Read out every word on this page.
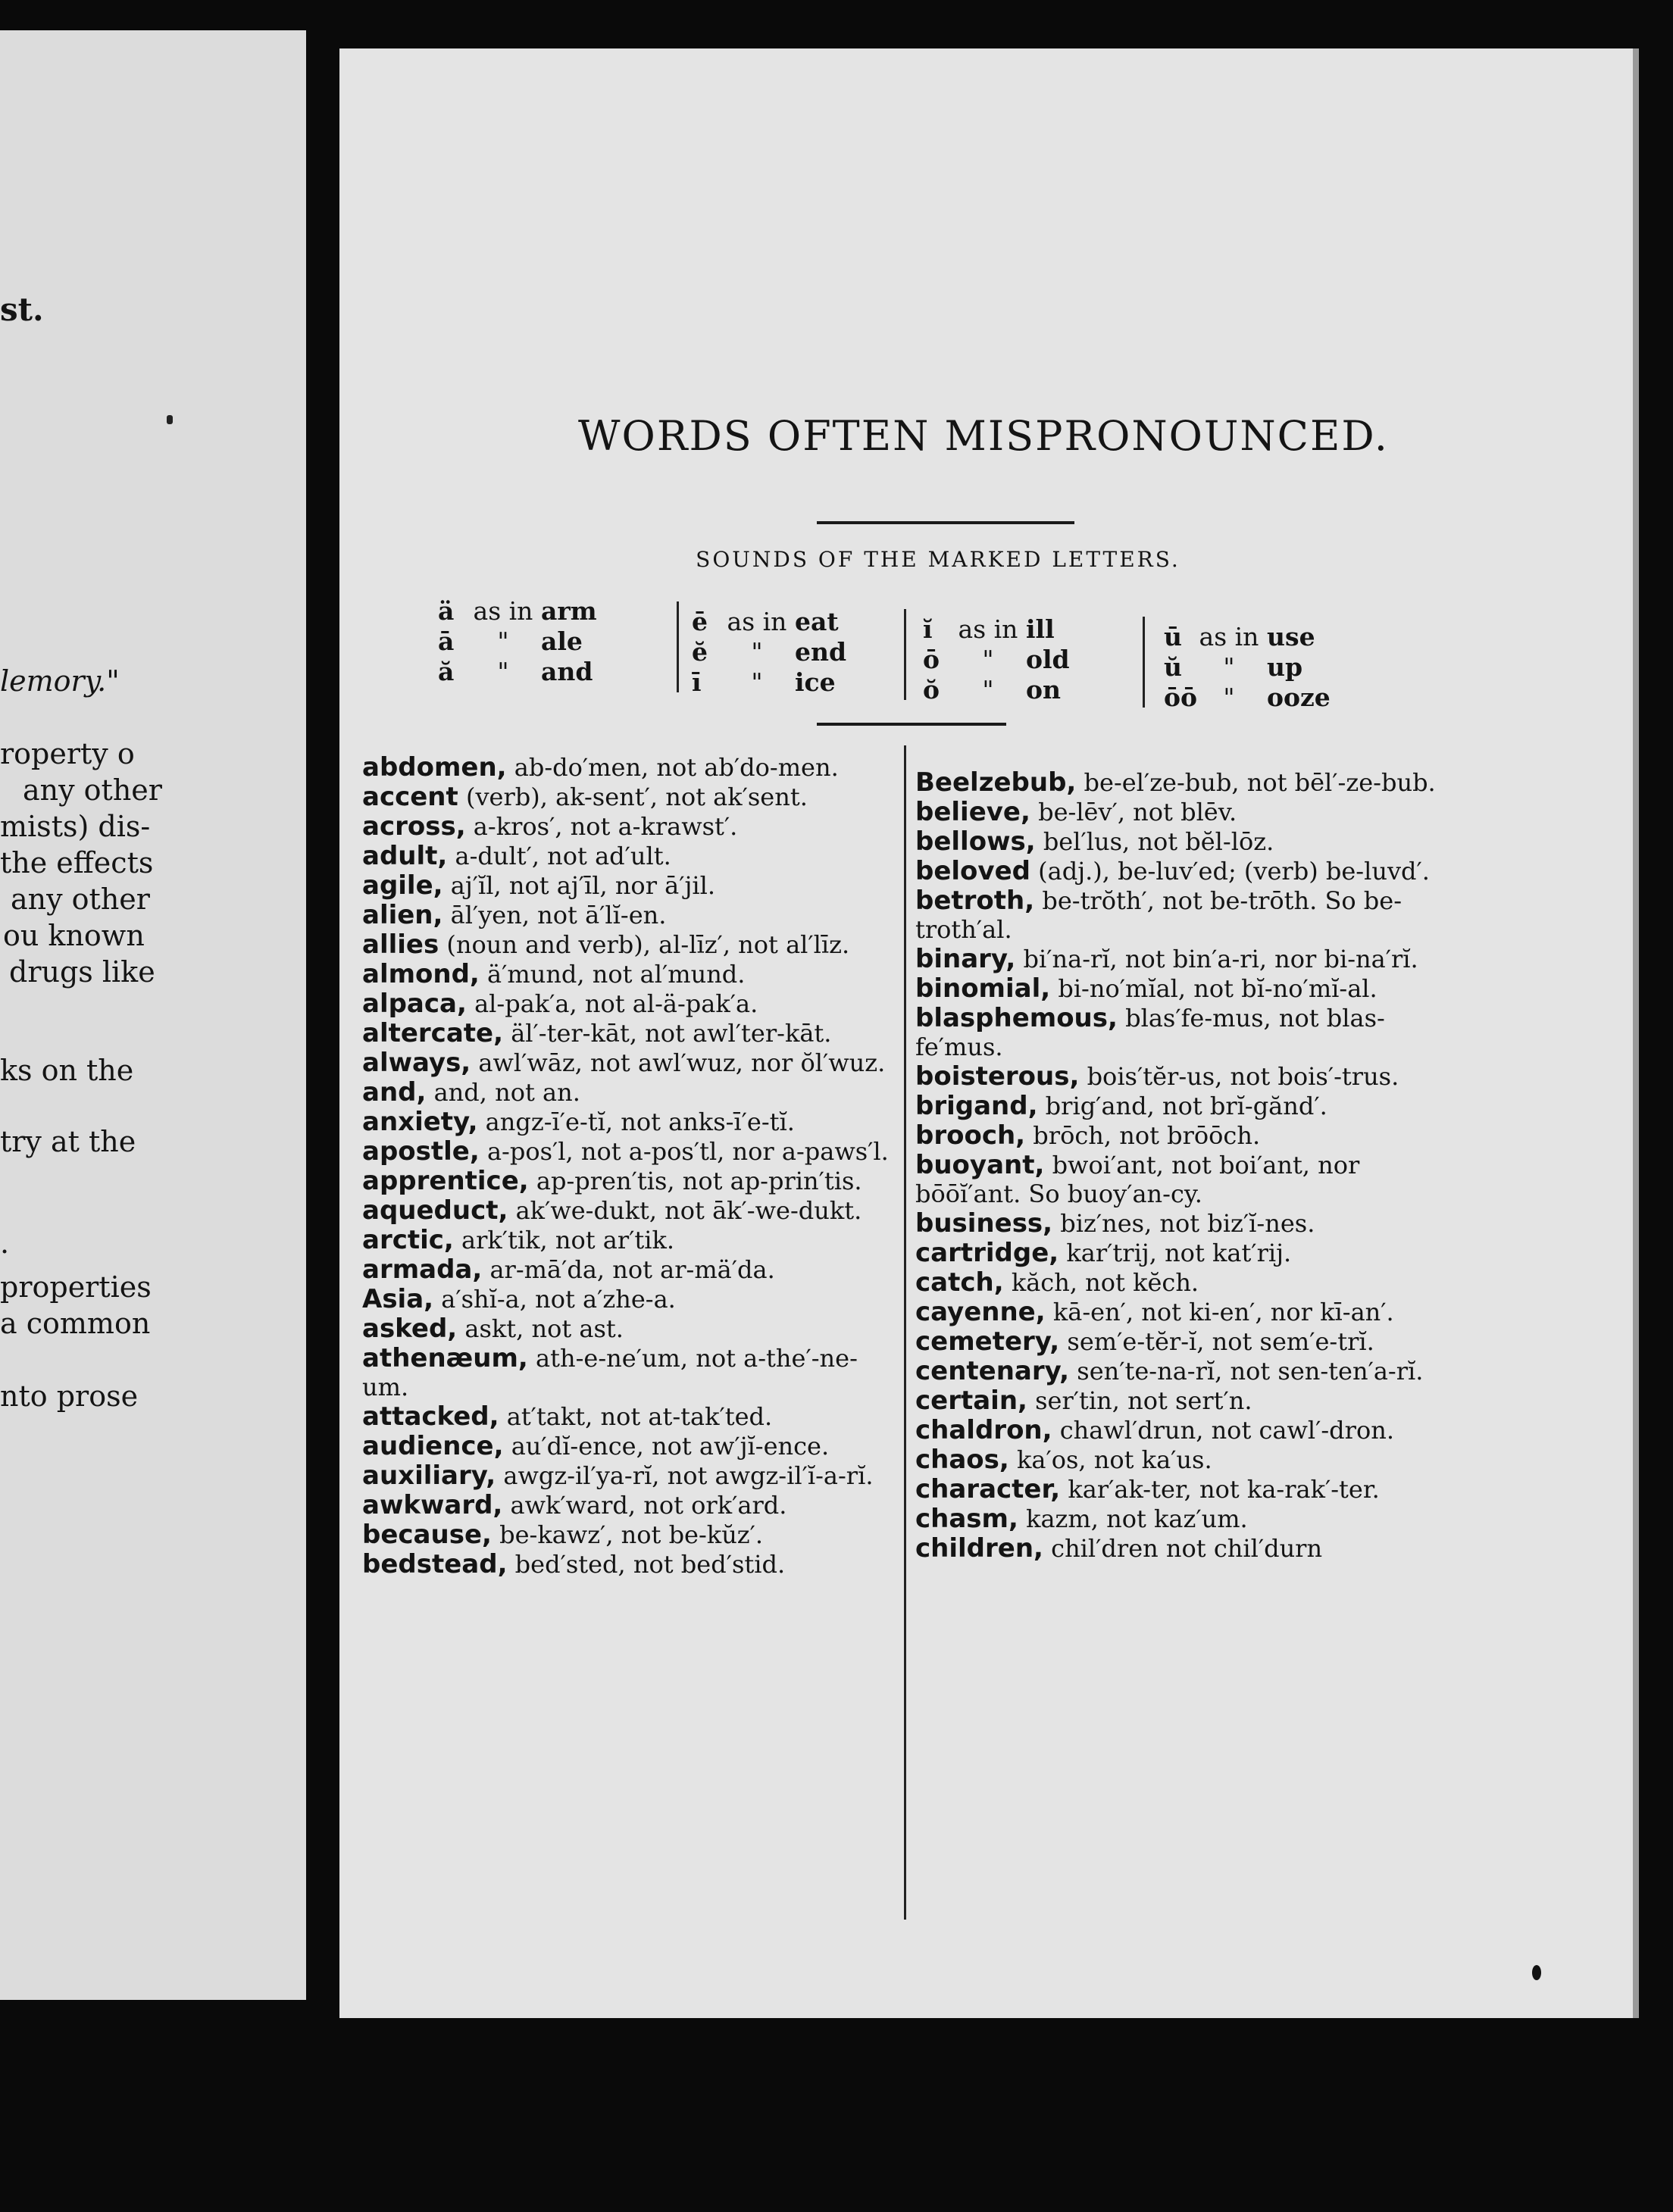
st.
lemory."
roperty o
any other
mists) dis-
the effects
any other
ou known
drugs like
ks on the
try at the
.
properties
a common
nto prose
WORDS OFTEN MISPRONOUNCED.
SOUNDS OF THE MARKED LETTERS.
ä as in arm
ā	"	ale
ă	"	and
ē as in eat
ĕ	"	end
ī	"	ice
ĭ	as in ill
ō	"	old
ŏ	"	on
ū as in use
ŭ	"	up
ōō	"	ooze
abdomen, ab-do′men, not ab′do-men.
accent (verb), ak-sent′, not ak′sent.
across, a-kros′, not a-krawst′.
adult, a-dult′, not ad′ult.
agile, aj′ĭl, not aj′īl, nor ā′jil.
alien, āl′yen, not ā′lĭ-en.
allies (noun and verb), al-līz′, not al′līz.
almond, ä′mund, not al′mund.
alpaca, al-pak′a, not al-ä-pak′a.
altercate, äl′-ter-kāt, not awl′ter-kāt.
always, awl′wāz, not awl′wuz, nor ŏl′wuz.
and, and, not an.
anxiety, angz-ī′e-tĭ, not anks-ī′e-tĭ.
apostle, a-pos′l, not a-pos′tl, nor a-paws′l.
apprentice, ap-pren′tis, not ap-prin′tis.
aqueduct, ak′we-dukt, not āk′-we-dukt.
arctic, ark′tik, not ar′tik.
armada, ar-mā′da, not ar-mä′da.
Asia, a′shĭ-a, not a′zhe-a.
asked, askt, not ast.
athenæum, ath-e-ne′um, not a-the′-ne-um.
attacked, at′takt, not at-tak′ted.
audience, au′dĭ-ence, not aw′jĭ-ence.
auxiliary, awgz-il′ya-rĭ, not awgz-il′ĭ-a-rĭ.
awkward, awk′ward, not ork′ard.
because, be-kawz′, not be-kŭz′.
bedstead, bed′sted, not bed′stid.
Beelzebub, be-el′ze-bub, not bēl′-ze-bub.
believe, be-lēv′, not blēv.
bellows, bel′lus, not bĕl-lōz.
beloved (adj.), be-luv′ed; (verb) be-luvd′.
betroth, be-trŏth′, not be-trōth. So be-troth′al.
binary, bi′na-rĭ, not bin′a-ri, nor bi-na′rĭ.
binomial, bi-no′mĭal, not bĭ-no′mĭ-al.
blasphemous, blas′fe-mus, not blas-fe′mus.
boisterous, bois′tĕr-us, not bois′-trus.
brigand, brig′and, not brĭ-gănd′.
brooch, brōch, not brōōch.
buoyant, bwoi′ant, not boi′ant, nor bōōĭ′ant. So buoy′an-cy.
business, biz′nes, not biz′ĭ-nes.
cartridge, kar′trij, not kat′rij.
catch, kăch, not kĕch.
cayenne, kā-en′, not ki-en′, nor kī-an′.
cemetery, sem′e-tĕr-ĭ, not sem′e-trĭ.
centenary, sen′te-na-rĭ, not sen-ten′a-rĭ.
certain, ser′tin, not sert′n.
chaldron, chawl′drun, not cawl′-dron.
chaos, ka′os, not ka′us.
character, kar′ak-ter, not ka-rak′-ter.
chasm, kazm, not kaz′um.
children, chil′dren not chil′durn
